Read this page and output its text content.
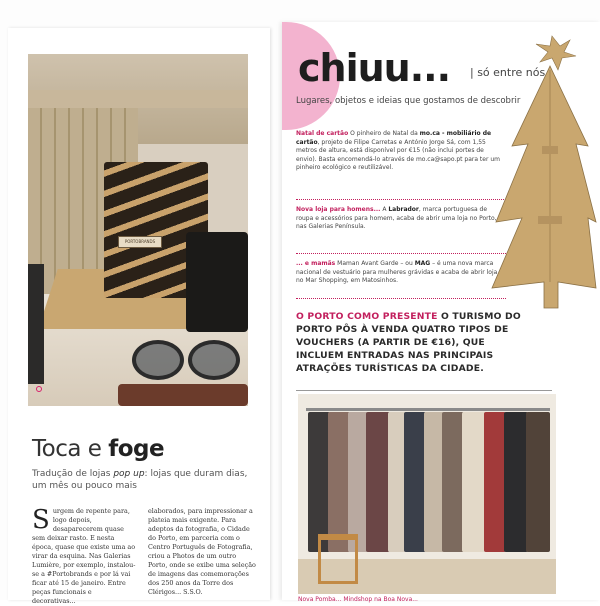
PORTOBRANDS
Toca e foge

Tradução de lojas pop up: lojas que duram dias, um mês ou pouco mais

S urgem de repente para, logo depois, desaparecerem quase sem deixar rasto. E nesta época, quase que existe uma ao virar da esquina. Nas Galerias Lumière, por exemplo, instalou-se a #Portobrands e por lá vai ficar até 15 de janeiro. Entre peças funcionais e decorativas...
elaborados, para impressionar a plateia mais exigente. Para adeptos da fotografia, o Cidade do Porto, em parceria com o Centro Português de Fotografia, criou a Photos de um outro Porto, onde se exibe uma seleção de imagens das comemorações dos 250 anos da Torre dos Clérigos... S.S.O.
chiuu... | só entre nós
Lugares, objetos e ideias que gostamos de descobrir

Natal de cartão O pinheiro de Natal da mo.ca - mobiliário de cartão, projeto de Filipe Carretas e António Jorge Sá, com 1,55 metros de altura, está disponível por €15 (não inclui portes de envio). Basta encomendá-lo através de mo.ca@sapo.pt para ter um pinheiro ecológico e reutilizável.

Nova loja para homens... A Labrador, marca portuguesa de roupa e acessórios para homem, acaba de abrir uma loja no Porto, nas Galerias Península.

... e mamãs Maman Avant Garde – ou MAG – é uma nova marca nacional de vestuário para mulheres grávidas e acaba de abrir loja no Mar Shopping, em Matosinhos.

O PORTO COMO PRESENTE O TURISMO DO PORTO PÔS À VENDA QUATRO TIPOS DE VOUCHERS (A PARTIR DE €16), QUE INCLUEM ENTRADAS NAS PRINCIPAIS ATRAÇÕES TURÍSTICAS DA CIDADE.

Nova Pomba... Mindshop na Boa Nova...
